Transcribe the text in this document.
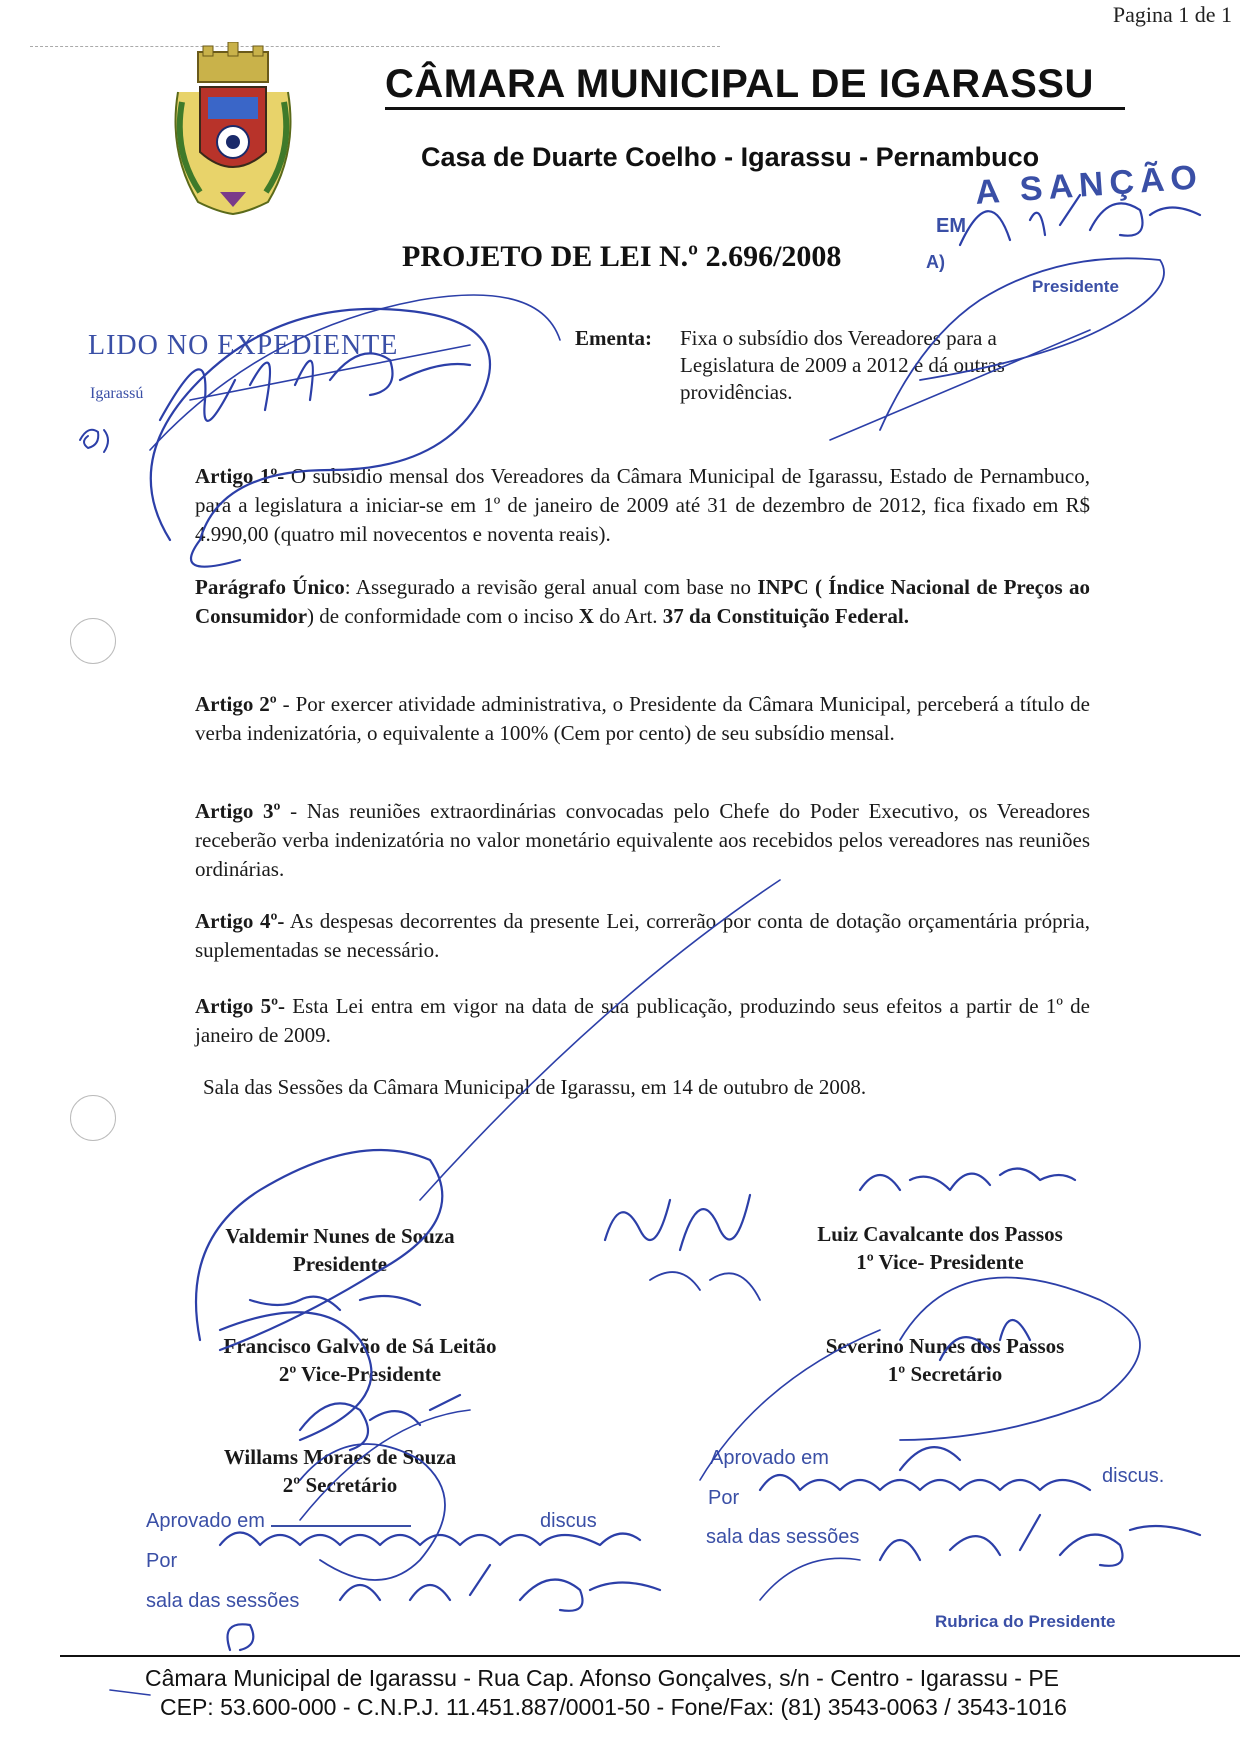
Pagina 1 de 1
CÂMARA MUNICIPAL DE IGARASSU
Casa de Duarte Coelho - Igarassu - Pernambuco
PROJETO DE LEI N.º 2.696/2008
LIDO NO EXPEDIENTE
Igarassú
A SANÇÃO
EM
A)
Presidente
Ementa:	Fixa o subsídio dos Vereadores para a Legislatura de 2009 a 2012 e dá outras providências.
Artigo 1º- O subsídio mensal dos Vereadores da Câmara Municipal de Igarassu, Estado de Pernambuco, para a legislatura a iniciar-se em 1º de janeiro de 2009 até 31 de dezembro de 2012, fica fixado em R$ 4.990,00 (quatro mil novecentos e noventa reais).
Parágrafo Único: Assegurado a revisão geral anual com base no INPC ( Índice Nacional de Preços ao Consumidor) de conformidade com o inciso X do Art. 37 da Constituição Federal.
Artigo 2º - Por exercer atividade administrativa, o Presidente da Câmara Municipal, perceberá a título de verba indenizatória, o equivalente a 100% (Cem por cento) de seu subsídio mensal.
Artigo 3º - Nas reuniões extraordinárias convocadas pelo Chefe do Poder Executivo, os Vereadores receberão verba indenizatória no valor monetário equivalente aos recebidos pelos vereadores nas reuniões ordinárias.
Artigo 4º- As despesas decorrentes da presente Lei, correrão por conta de dotação orçamentária própria, suplementadas se necessário.
Artigo 5º- Esta Lei entra em vigor na data de sua publicação, produzindo seus efeitos a partir de 1º de janeiro de 2009.
Sala das Sessões da Câmara Municipal de Igarassu, em 14 de outubro de 2008.
Valdemir Nunes de Souza
Presidente
Luiz Cavalcante dos Passos
1º Vice- Presidente
Francisco Galvão de Sá Leitão
2º Vice-Presidente
Severino Nunes dos Passos
1º Secretário
Willams Moraes de Souza
2º Secretário
Aprovado em	discus
Por
sala das sessões
Aprovado em
discus.
Por
sala das sessões
Rubrica do Presidente
Câmara Municipal de Igarassu - Rua Cap. Afonso Gonçalves, s/n - Centro - Igarassu - PE
CEP: 53.600-000 - C.N.P.J. 11.451.887/0001-50 - Fone/Fax: (81) 3543-0063 / 3543-1016
